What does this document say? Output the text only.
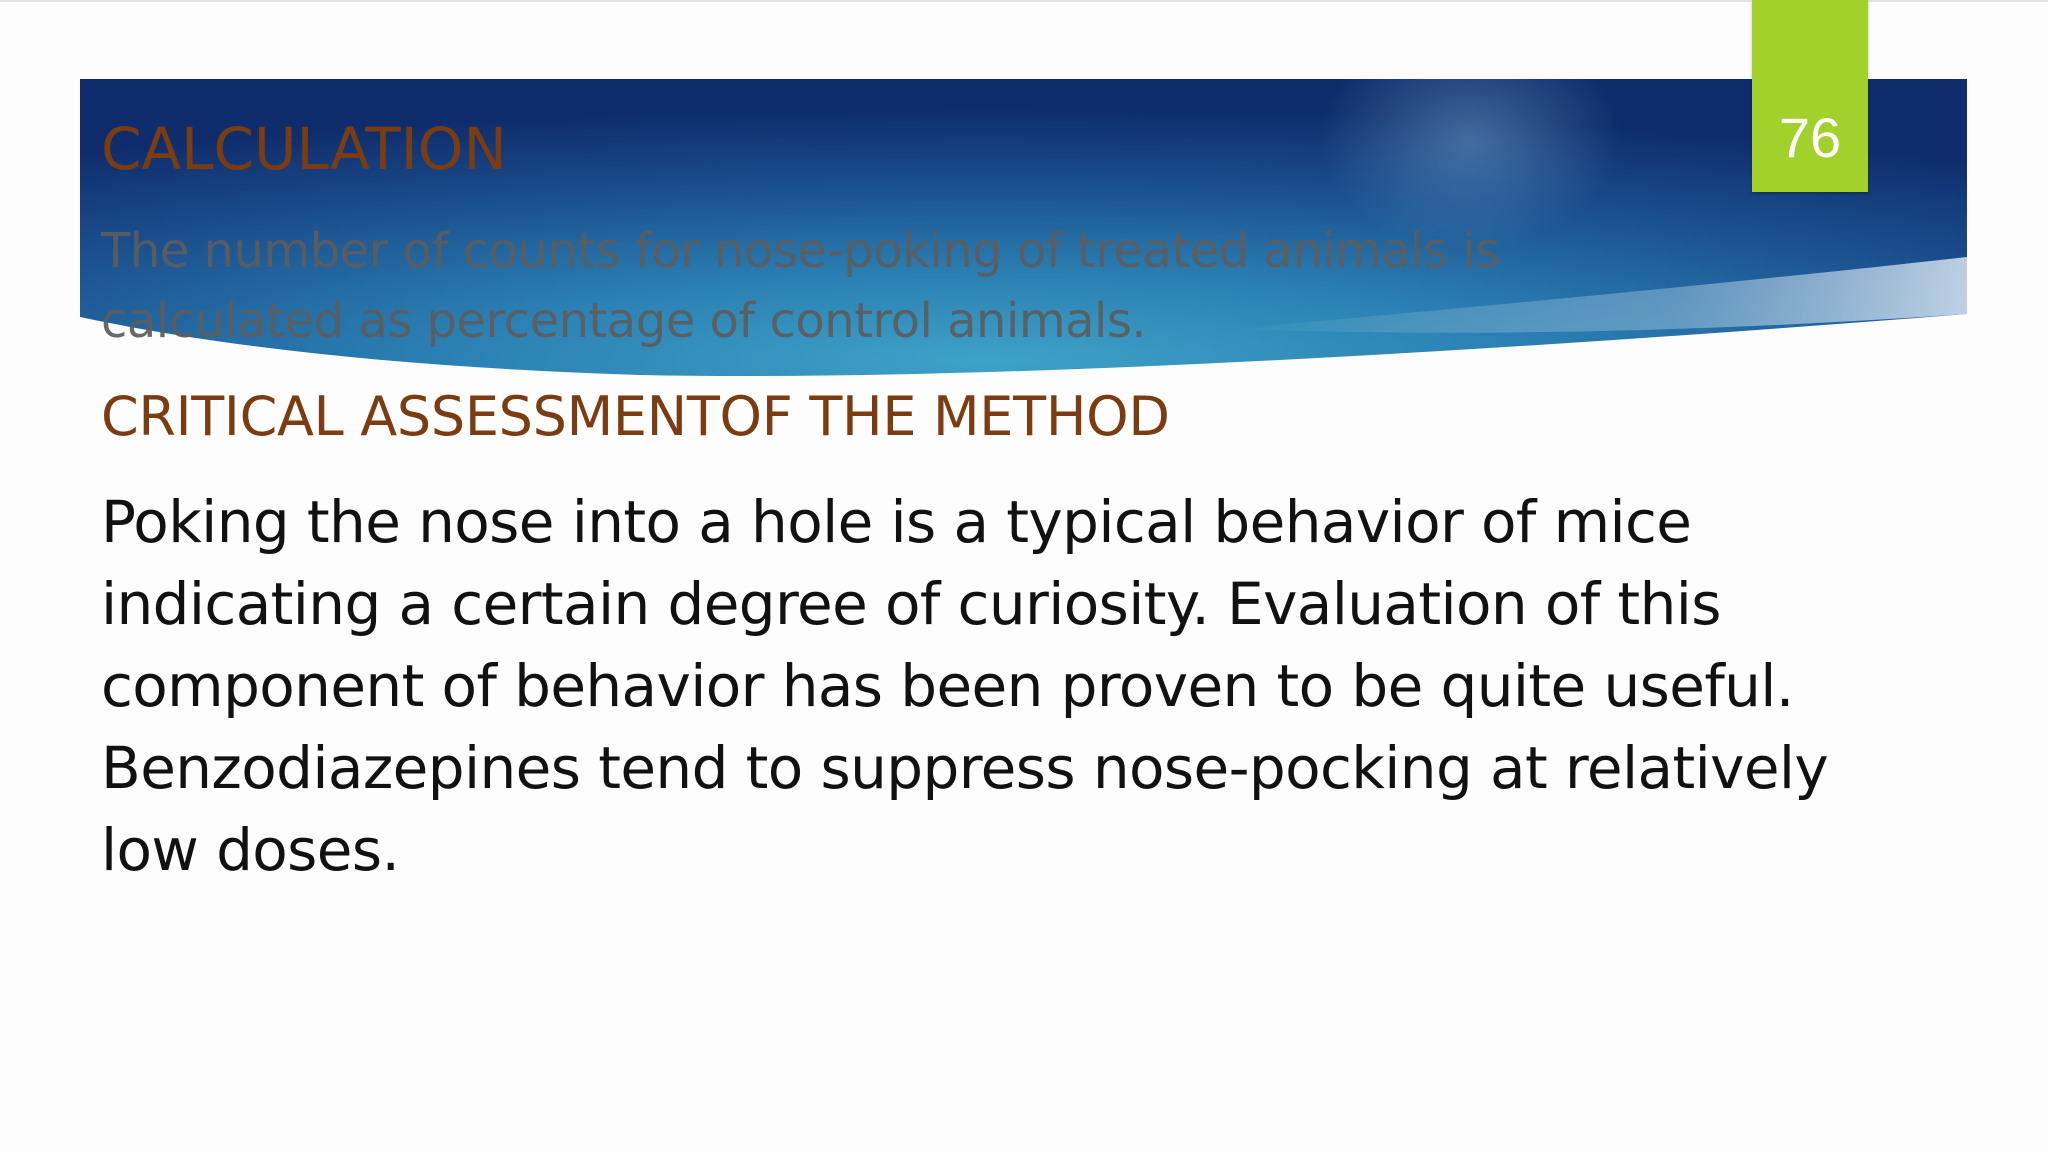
76
CALCULATION
The number of counts for nose-poking of treated animals is calculated as percentage of control animals.
CRITICAL ASSESSMENTOF THE METHOD
Poking the nose into a hole is a typical behavior of mice indicating a certain degree of curiosity. Evaluation of this component of behavior has been proven to be quite useful. Benzodiazepines tend to suppress nose-pocking at relatively low doses.
